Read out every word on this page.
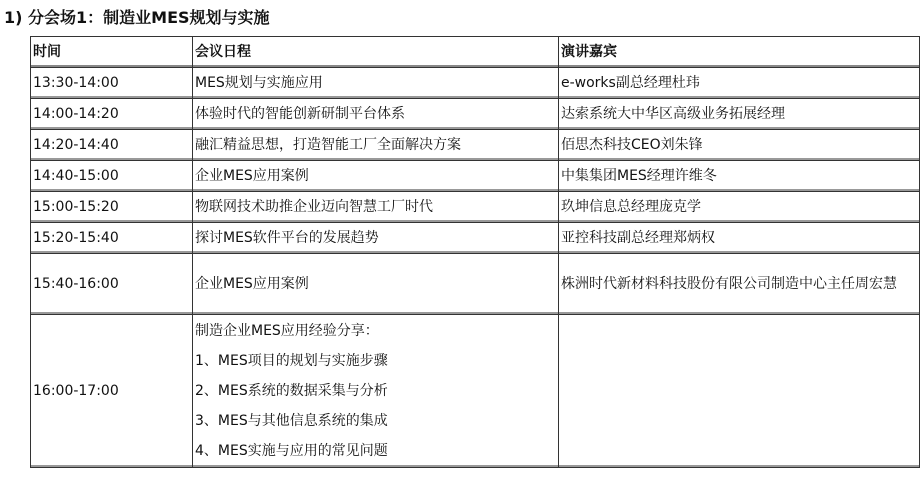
1) 分会场1：制造业MES规划与实施
时间	会议日程	演讲嘉宾
13:30-14:00	MES规划与实施应用	e-works副总经理杜玮
14:00-14:20	体验时代的智能创新研制平台体系	达索系统大中华区高级业务拓展经理
14:20-14:40	融汇精益思想，打造智能工厂全面解决方案	佰思杰科技CEO刘朱锋
14:40-15:00	企业MES应用案例	中集集团MES经理许维冬
15:00-15:20	物联网技术助推企业迈向智慧工厂时代	玖坤信息总经理庞克学
15:20-15:40	探讨MES软件平台的发展趋势	亚控科技副总经理郑炳权
15:40-16:00	企业MES应用案例	株洲时代新材料科技股份有限公司制造中心主任周宏慧
16:00-17:00	制造企业MES应用经验分享：
1、MES项目的规划与实施步骤
2、MES系统的数据采集与分析
3、MES与其他信息系统的集成
4、MES实施与应用的常见问题	
